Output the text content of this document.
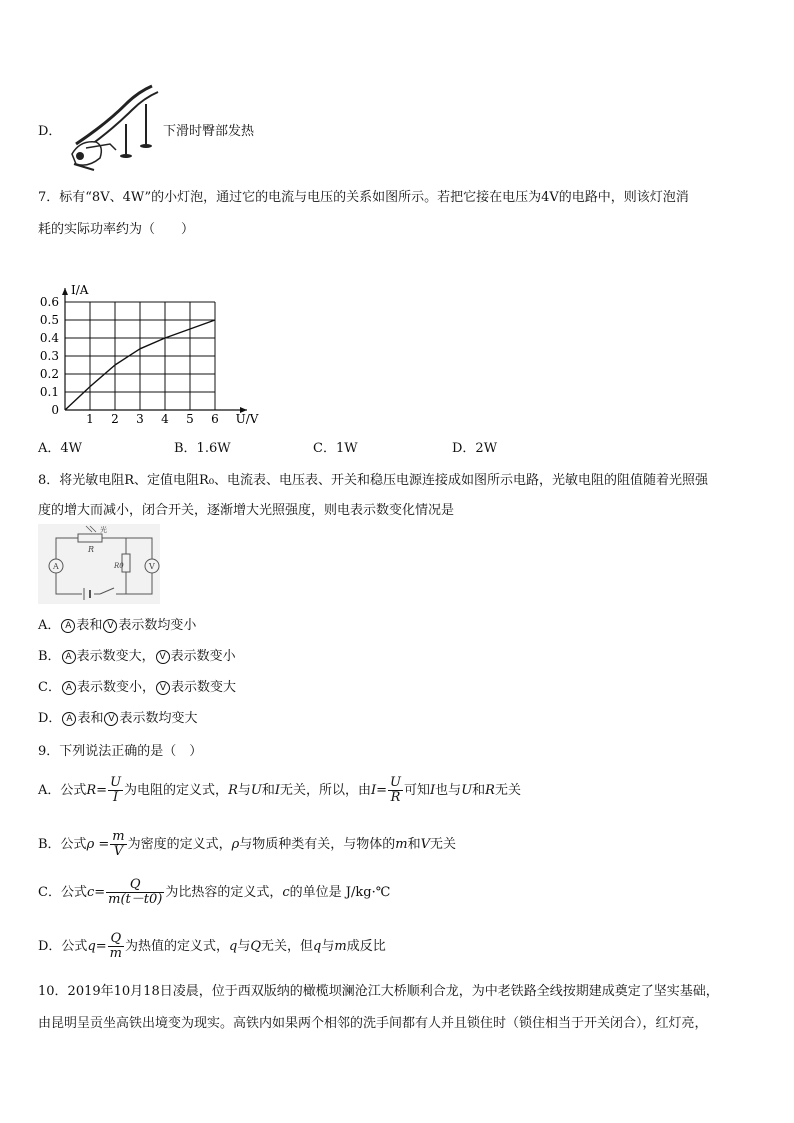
D．	下滑时臀部发热
7．标有“8V、4W”的小灯泡，通过它的电流与电压的关系如图所示。若把它接在电压为4V的电路中，则该灯泡消
耗的实际功率约为（　　）
1 2 3 4 5 6
0
0.1
0.2
0.3
0.4
0.5
0.6
U/V
I/A
A．4W	B．1.6W	C．1W	D．2W
8．将光敏电阻R、定值电阻R₀、电流表、电压表、开关和稳压电源连接成如图所示电路，光敏电阻的阻值随着光照强
度的增大而减小，闭合开关，逐渐增大光照强度，则电表示数变化情况是
光
R
R0
A	V
A． A 表和 V 表示数均变小
B． A 表示数变大， V 表示数变小
C． A 表示数变小， V 表示数变大
D． A 表和 V 表示数均变大
9．下列说法正确的是（　）
A．公式$R= \frac{U}{I}$ 为电阻的定义式，R与U和I无关，所以，由$I= \frac{U}{R}$ 可知I也与U和R无关
B．公式$\rho = \frac{m}{V}$ 为密度的定义式，ρ与物质种类有关，与物体的m和V无关
C．公式$c= \frac{Q}{m(t-t0)}$ 为比热容的定义式，c的单位是 J/kg·℃
D．公式$q= \frac{Q}{m}$ 为热值的定义式，q与Q无关，但q与m成反比
10．2019年10月18日凌晨，位于西双版纳的橄榄坝澜沧江大桥顺利合龙，为中老铁路全线按期建成奠定了坚实基础，
由昆明呈贡坐高铁出境变为现实。高铁内如果两个相邻的洗手间都有人并且锁住时（锁住相当于开关闭合），红灯亮，
